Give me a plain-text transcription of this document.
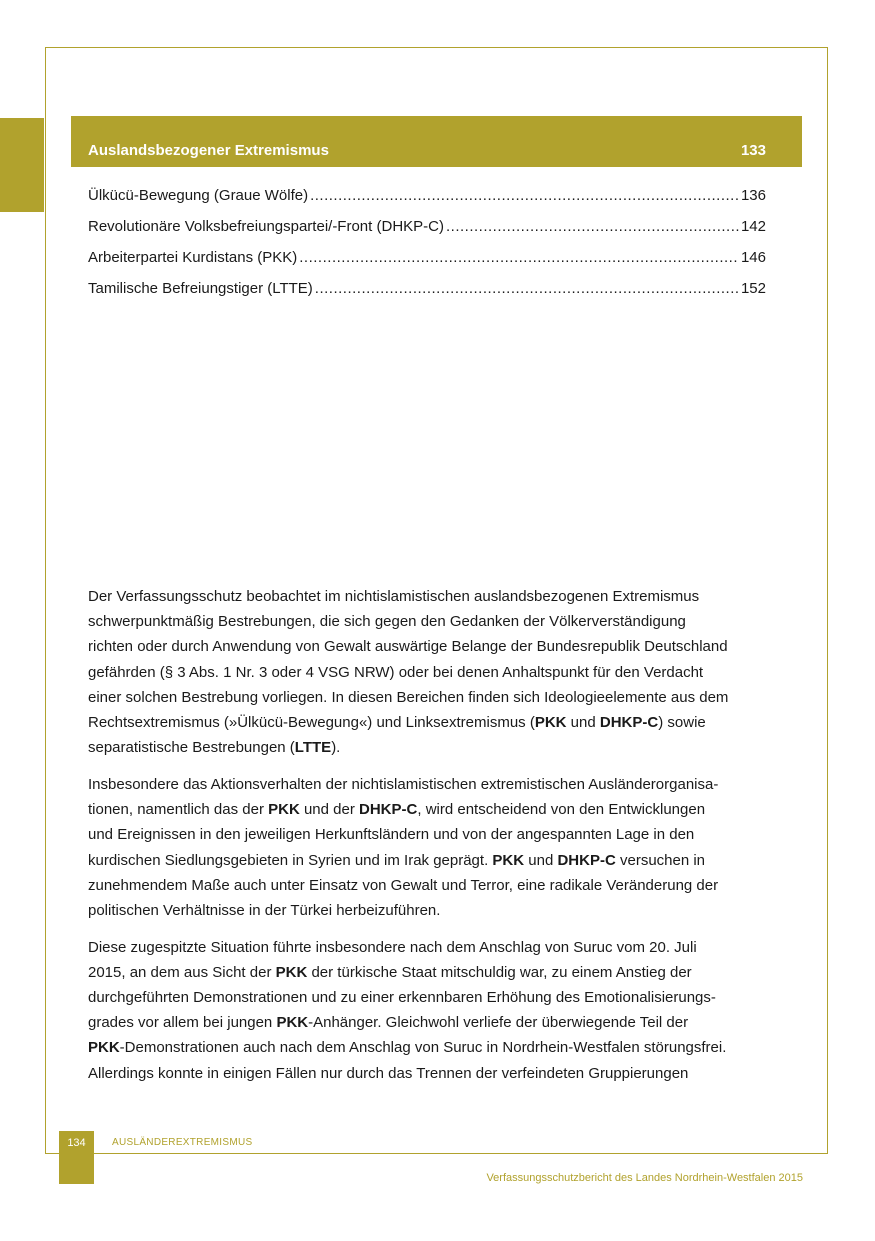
Auslandsbezogener Extremismus	133
Ülkücü-Bewegung (Graue Wölfe) .....	136
Revolutionäre Volksbefreiungspartei/-Front (DHKP-C) .....	142
Arbeiterpartei Kurdistans (PKK) .....	146
Tamilische Befreiungstiger (LTTE) .....	152

Der Verfassungsschutz beobachtet im nichtislamistischen auslandsbezogenen Extremismus
schwerpunktmäßig Bestrebungen, die sich gegen den Gedanken der Völkerverständigung
richten oder durch Anwendung von Gewalt auswärtige Belange der Bundesrepublik Deutschland
gefährden (§ 3 Abs. 1 Nr. 3 oder 4 VSG NRW) oder bei denen Anhaltspunkt für den Verdacht
einer solchen Bestrebung vorliegen. In diesen Bereichen finden sich Ideologieelemente aus dem
Rechtsextremismus (»Ülkücü-Bewegung«) und Linksextremismus (PKK und DHKP-C) sowie
separatistische Bestrebungen (LTTE).

Insbesondere das Aktionsverhalten der nichtislamistischen extremistischen Ausländerorganisa-
tionen, namentlich das der PKK und der DHKP-C, wird entscheidend von den Entwicklungen
und Ereignissen in den jeweiligen Herkunftsländern und von der angespannten Lage in den
kurdischen Siedlungsgebieten in Syrien und im Irak geprägt. PKK und DHKP-C versuchen in
zunehmendem Maße auch unter Einsatz von Gewalt und Terror, eine radikale Veränderung der
politischen Verhältnisse in der Türkei herbeizuführen.

Diese zugespitzte Situation führte insbesondere nach dem Anschlag von Suruc vom 20. Juli
2015, an dem aus Sicht der PKK der türkische Staat mitschuldig war, zu einem Anstieg der
durchgeführten Demonstrationen und zu einer erkennbaren Erhöhung des Emotionalisierungs-
grades vor allem bei jungen PKK-Anhänger. Gleichwohl verliefe der überwiegende Teil der
PKK-Demonstrationen auch nach dem Anschlag von Suruc in Nordrhein-Westfalen störungsfrei.
Allerdings konnte in einigen Fällen nur durch das Trennen der verfeindeten Gruppierungen

134	AUSLÄNDEREXTREMISMUS
Verfassungsschutzbericht des Landes Nordrhein-Westfalen 2015
